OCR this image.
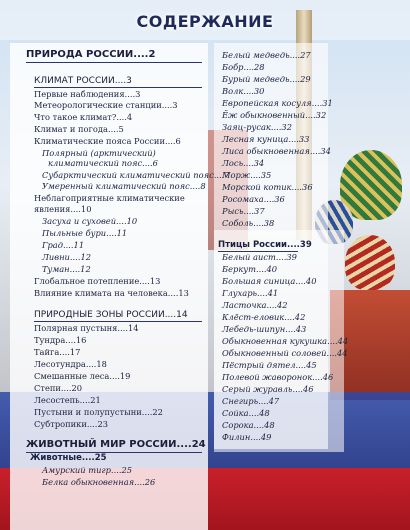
СОДЕРЖАНИЕ
ПРИРОДА РОССИИ....2
КЛИМАТ РОССИИ....3
Первые наблюдения....3
Метеорологические станции....3
Что такое климат?....4
Климат и погода....5
Климатические пояса России....6
Полярный (арктический)
климатический пояс....6
Субарктический климатический пояс....7
Умеренный климатический пояс....8
Неблагоприятные климатические
явления....10
Засуха и суховей....10
Пыльные бури....11
Град....11
Ливни....12
Туман....12
Глобальное потепление....13
Влияние климата на человека....13
ПРИРОДНЫЕ ЗОНЫ РОССИИ....14
Полярная пустыня....14
Тундра....16
Тайга....17
Лесотундра....18
Смешанные леса....19
Степи....20
Лесостепь....21
Пустыни и полупустыни....22
Субтропики....23
ЖИВОТНЫЙ МИР РОССИИ....24
Животные....25
Амурский тигр....25
Белка обыкновенная....26
Белый медведь....27
Бобр....28
Бурый медведь....29
Волк....30
Европейская косуля....31
Ёж обыкновенный....32
Заяц-русак....32
Лесная куница....33
Лиса обыкновенная....34
Лось....34
Морж....35
Морской котик....36
Росомаха....36
Рысь....37
Соболь....38
Птицы России....39
Белый аист....39
Беркут....40
Большая синица....40
Глухарь....41
Ласточка....42
Клёст-еловик....42
Лебедь-шипун....43
Обыкновенная кукушка....44
Обыкновенный соловей....44
Пёстрый дятел....45
Полевой жаворонок....46
Серый журавль....46
Снегирь....47
Сойка....48
Сорока....48
Филин....49
